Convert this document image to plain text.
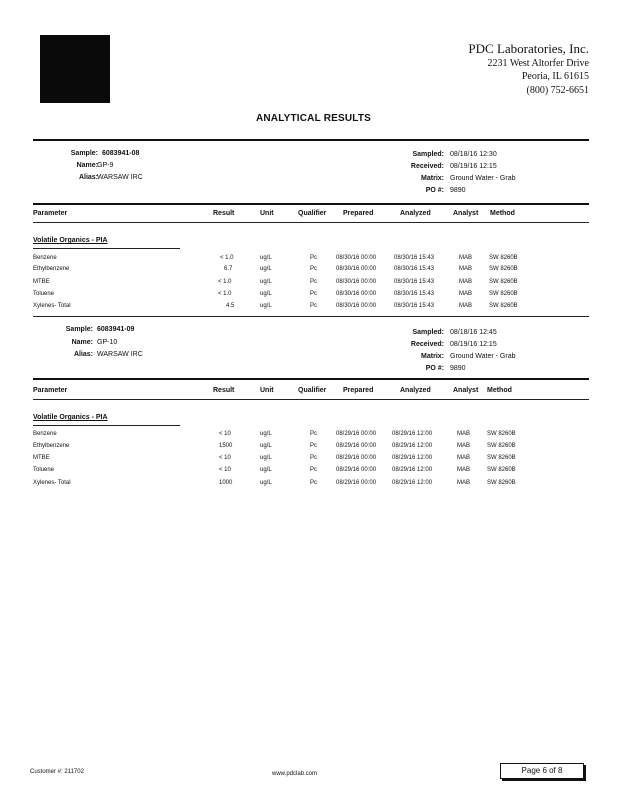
PDC Laboratories, Inc.
2231 West Altorfer Drive
Peoria, IL 61615
(800) 752-6651
ANALYTICAL RESULTS
Sample: 6083941-08
Name: GP-9
Alias: WARSAW IRC
Sampled: 08/18/16 12:30
Received: 08/19/16 12:15
Matrix: Ground Water - Grab
PO #: 9890
Parameter	Result	Unit	Qualifier Prepared	Analyzed	Analyst Method
Volatile Organics - PIA
Benzene	< 1.0	ug/L	Pc	08/30/16 00:00	08/30/16 15:43	MAB	SW 8260B
Ethylbenzene	6.7	ug/L	Pc	08/30/16 00:00	08/30/16 15:43	MAB	SW 8260B
MTBE	< 1.0	ug/L	Pc	08/30/16 00:00	08/30/16 15:43	MAB	SW 8260B
Toluene	< 1.0	ug/L	Pc	08/30/16 00:00	08/30/16 15:43	MAB	SW 8260B
Xylenes- Total	4.5	ug/L	Pc	08/30/16 00:00	08/30/16 15:43	MAB	SW 8260B
Sample: 6083941-09
Name: GP-10
Alias: WARSAW IRC
Sampled: 08/18/16 12:45
Received: 08/19/16 12:15
Matrix: Ground Water - Grab
PO #: 9890
Parameter	Result	Unit	Qualifier Prepared	Analyzed	Analyst Method
Volatile Organics - PIA
Benzene	< 10	ug/L	Pc	08/29/16 00:00	08/29/16 12:00	MAB	SW 8260B
Ethylbenzene	1500	ug/L	Pc	08/29/16 00:00	08/29/16 12:00	MAB	SW 8260B
MTBE	< 10	ug/L	Pc	08/29/16 00:00	08/29/16 12:00	MAB	SW 8260B
Toluene	< 10	ug/L	Pc	08/29/16 00:00	08/29/16 12:00	MAB	SW 8260B
Xylenes- Total	1000	ug/L	Pc	08/29/16 00:00	08/29/16 12:00	MAB	SW 8260B
Customer #: 211702	www.pdclab.com	Page 6 of 8
